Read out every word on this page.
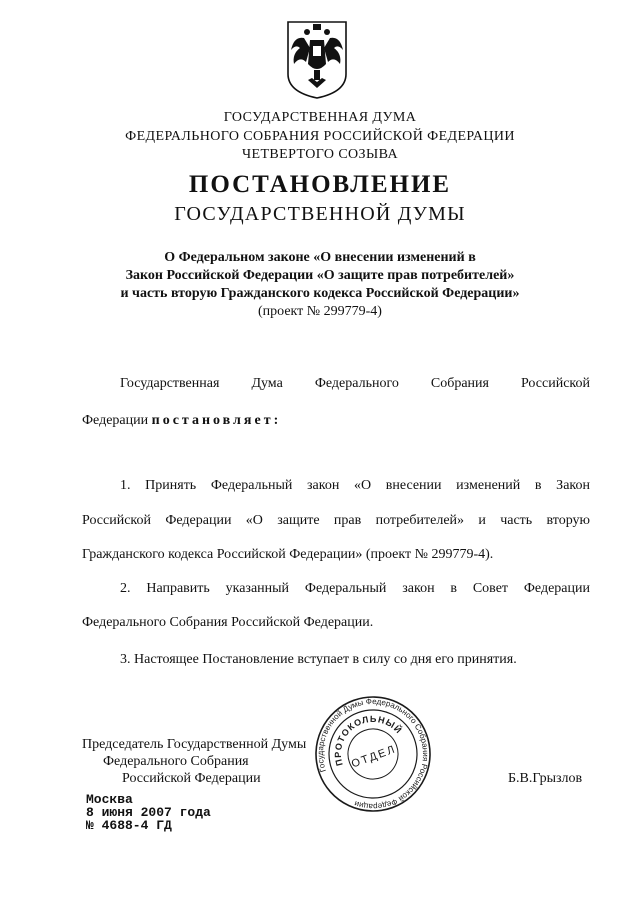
ГОСУДАРСТВЕННАЯ ДУМА
ФЕДЕРАЛЬНОГО СОБРАНИЯ РОССИЙСКОЙ ФЕДЕРАЦИИ
ЧЕТВЕРТОГО СОЗЫВА
ПОСТАНОВЛЕНИЕ
ГОСУДАРСТВЕННОЙ ДУМЫ
О Федеральном законе «О внесении изменений в
Закон Российской Федерации «О защите прав потребителей»
и часть вторую Гражданского кодекса Российской Федерации»
(проект № 299779-4)
Государственная Дума Федерального Собрания Российской
Федерации постановляет:
1. Принять Федеральный закон «О внесении изменений в Закон
Российской Федерации «О защите прав потребителей» и часть вторую
Гражданского кодекса Российской Федерации» (проект № 299779-4).
2. Направить указанный Федеральный закон в Совет Федерации
Федерального Собрания Российской Федерации.
3. Настоящее Постановление вступает в силу со дня его принятия.
Председатель Государственной Думы
Федерального Собрания
Российской Федерации	Б.В.Грызлов
Москва
8 июня 2007 года
№ 4688-4 ГД
Государственной Думы Федерального Собрания Российской Федерации
ПРОТОКОЛЬНЫЙ
ОТДЕЛ
